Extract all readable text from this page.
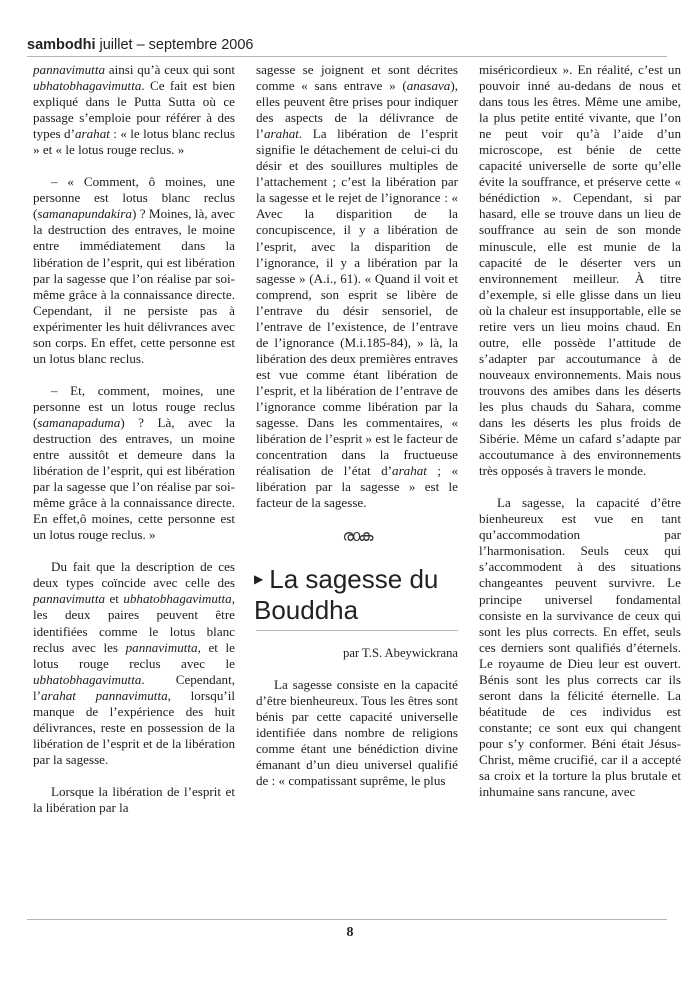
sambodhi juillet – septembre 2006

pannavimutta ainsi qu’à ceux qui sont ubhatobhagavimutta. Ce fait est bien expliqué dans le Putta Sutta où ce passage s’emploie pour référer à des types d’arahat : « le lotus blanc reclus » et « le lotus rouge reclus. »

– « Comment, ô moines, une personne est lotus blanc reclus (samanapundakira) ? Moines, là, avec la destruction des entraves, le moine entre immédiatement dans la libération de l’esprit, qui est libération par la sagesse que l’on réalise par soi-même grâce à la connaissance directe. Cependant, il ne persiste pas à expérimenter les huit délivrances avec son corps. En effet, cette personne est un lotus blanc reclus.

– Et, comment, moines, une personne est un lotus rouge reclus (samanapaduma) ? Là, avec la destruction des entraves, un moine entre aussitôt et demeure dans la libération de l’esprit, qui est libération par la sagesse que l’on réalise par soi-même grâce à la connaissance directe. En effet,ô moines, cette personne est un lotus rouge reclus. »

Du fait que la description de ces deux types coïncide avec celle des pannavimutta et ubhatobhagavimutta, les deux paires peuvent être identifiées comme le lotus blanc reclus avec les pannavimutta, et le lotus rouge reclus avec le ubhatobhagavimutta. Cependant, l’arahat pannavimutta, lorsqu’il manque de l’expérience des huit délivrances, reste en possession de la libération de l’esprit et de la libération par la sagesse.

Lorsque la libération de l’esprit et la libération par la

sagesse se joignent et sont décrites comme « sans entrave » (anasava), elles peuvent être prises pour indiquer des aspects de la délivrance de l’arahat. La libération de l’esprit signifie le détachement de celui-ci du désir et des souillures multiples de l’attachement ; c’est la libération par la sagesse et le rejet de l’ignorance : « Avec la disparition de la concupiscence, il y a libération de l’esprit, avec la disparition de l’ignorance, il y a libération par la sagesse » (A.i., 61). « Quand il voit et comprend, son esprit se libère de l’entrave du désir sensoriel, de l’entrave de l’existence, de l’entrave de l’ignorance (M.i.185-84), » là, la libération des deux premières entraves est vue comme étant libération de l’esprit, et la libération de l’entrave de l’ignorance comme libération par la sagesse. Dans les commentaires, « libération de l’esprit » est le facteur de concentration dans la fructueuse réalisation de l’état d’arahat ; « libération par la sagesse » est le facteur de la sagesse.

ര൦ക
▶ La sagesse du Bouddha

par T.S. Abeywickrana

La sagesse consiste en la capacité d’être bienheureux. Tous les êtres sont bénis par cette capacité universelle identifiée dans nombre de religions comme étant une bénédiction divine émanant d’un dieu universel qualifié de : « compatissant suprême, le plus

miséricordieux ». En réalité, c’est un pouvoir inné au-dedans de nous et dans tous les êtres. Même une amibe, la plus petite entité vivante, que l’on ne peut voir qu’à l’aide d’un microscope, est bénie de cette capacité universelle de sorte qu’elle évite la souffrance, et préserve cette « bénédiction ». Cependant, si par hasard, elle se trouve dans un lieu de souffrance au sein de son monde minuscule, elle est munie de la capacité de le déserter vers un environnement meilleur. À titre d’exemple, si elle glisse dans un lieu où la chaleur est insupportable, elle se retire vers un lieu moins chaud. En outre, elle possède l’attitude de s’adapter par accoutumance à de nouveaux environnements. Mais nous trouvons des amibes dans les déserts les plus chauds du Sahara, comme dans les déserts les plus froids de Sibérie. Même un cafard s’adapte par accoutumance à des environnements très opposés à travers le monde.

La sagesse, la capacité d’être bienheureux est vue en tant qu’accommodation par l’harmonisation. Seuls ceux qui s’accommodent à des situations changeantes peuvent survivre. Le principe universel fondamental consiste en la survivance de ceux qui sont les plus corrects. En effet, seuls ces derniers sont qualifiés d’éternels. Le royaume de Dieu leur est ouvert. Bénis sont les plus corrects car ils seront dans la félicité éternelle. La béatitude de ces individus est constante; ce sont eux qui changent pour s’y conformer. Béni était Jésus- Christ, même crucifié, car il a accepté sa croix et la torture la plus brutale et inhumaine sans rancune, avec

8
